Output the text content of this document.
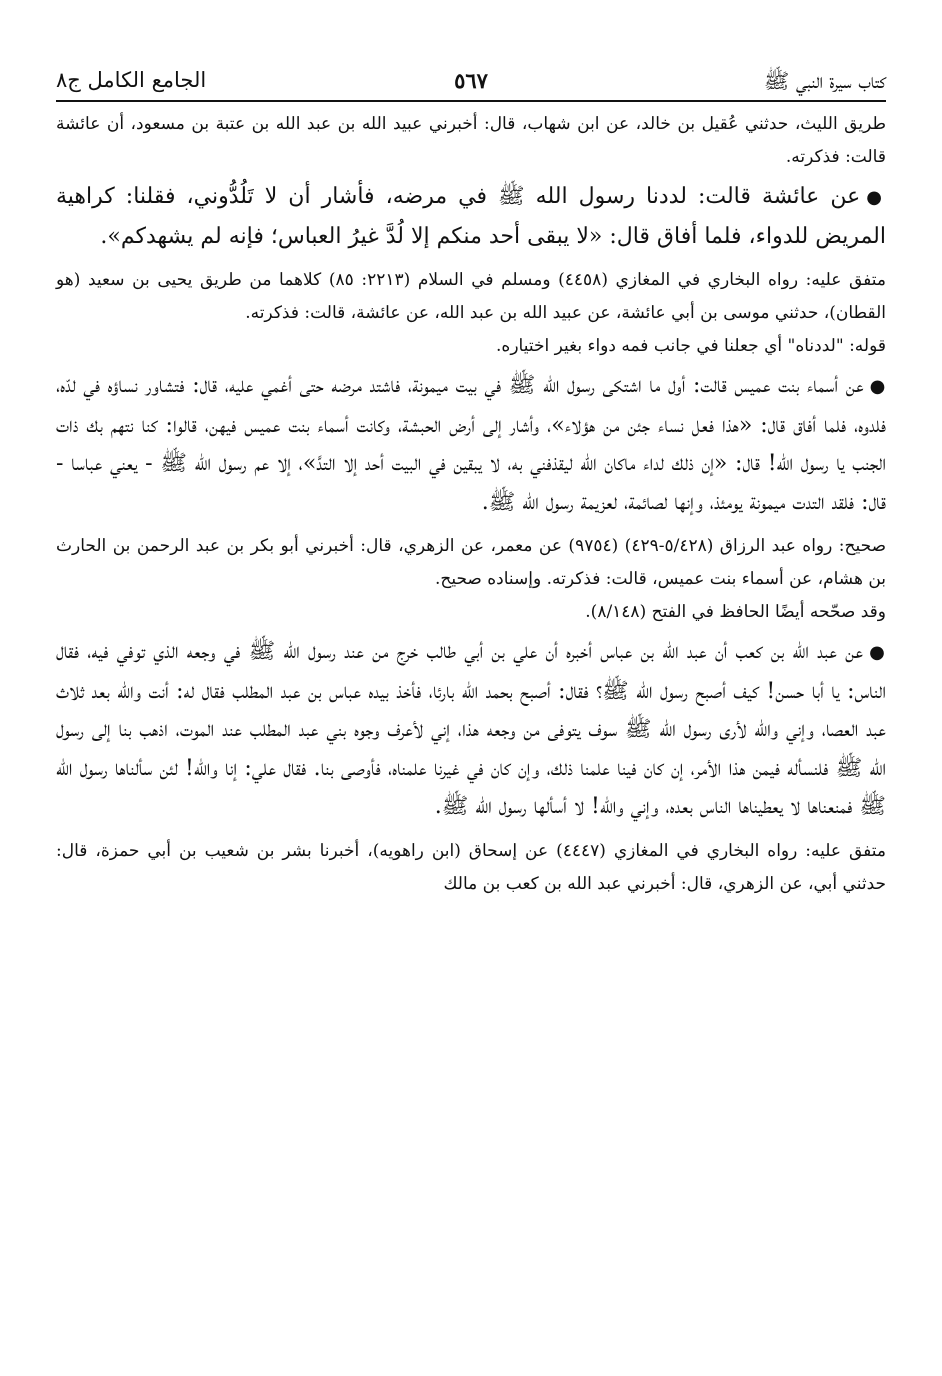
كتاب سيرة النبي ﷺ
٥٦٧
الجامع الكامل ج٨

طريق الليث، حدثني عُقيل بن خالد، عن ابن شهاب، قال: أخبرني عبيد الله بن عبد الله بن عتبة بن مسعود، أن عائشة قالت: فذكرته.

●عن عائشة قالت: لددنا رسول الله ﷺ في مرضه، فأشار أن لا تَلُدُّوني، فقلنا: كراهية المريض للدواء، فلما أفاق قال: «لا يبقى أحد منكم إلا لُدَّ غيرُ العباس؛ فإنه لم يشهدكم».

متفق عليه: رواه البخاري في المغازي (٤٤٥٨) ومسلم في السلام (٢٢١٣: ٨٥) كلاهما من طريق يحيى بن سعيد (هو القطان)، حدثني موسى بن أبي عائشة، عن عبيد الله بن عبد الله، عن عائشة، قالت: فذكرته.

قوله: "لددناه" أي جعلنا في جانب فمه دواء بغير اختياره.

●عن أسماء بنت عميس قالت: أول ما اشتكى رسول الله ﷺ في بيت ميمونة، فاشتد مرضه حتى أغمي عليه، قال: فتشاور نساؤه في لدّه، فلدوه، فلما أفاق قال: «هذا فعل نساء جئن من هؤلاء»، وأشار إلى أرض الحبشة، وكانت أسماء بنت عميس فيهن، قالوا: كنا نتهم بك ذات الجنب يا رسول الله! قال: «إن ذلك لداء ماكان الله ليقذفني به، لا يبقين في البيت أحد إلا التدَّ»، إلا عم رسول الله ﷺ - يعني عباسا - قال: فلقد التدت ميمونة يومئذ، وإنها لصائمة، لعزيمة رسول الله ﷺ.

صحيح: رواه عبد الرزاق (٥/٤٢٨-٤٢٩) (٩٧٥٤) عن معمر، عن الزهري، قال: أخبرني أبو بكر بن عبد الرحمن بن الحارث بن هشام، عن أسماء بنت عميس، قالت: فذكرته. وإسناده صحيح.

وقد صحّحه أيضًا الحافظ في الفتح (٨/١٤٨).

●عن عبد الله بن كعب أن عبد الله بن عباس أخبره أن علي بن أبي طالب خرج من عند رسول الله ﷺ في وجعه الذي توفي فيه، فقال الناس: يا أبا حسن! كيف أصبح رسول الله ﷺ؟ فقال: أصبح بحمد الله بارئا، فأخذ بيده عباس بن عبد المطلب فقال له: أنت والله بعد ثلاث عبد العصا، وإني والله لأرى رسول الله ﷺ سوف يتوفى من وجعه هذا، إني لأعرف وجوه بني عبد المطلب عند الموت، اذهب بنا إلى رسول الله ﷺ فلنسأله فيمن هذا الأمر، إن كان فينا علمنا ذلك، وإن كان في غيرنا علمناه، فأوصى بنا. فقال علي: إنا والله! لئن سألناها رسول الله ﷺ فمنعناها لا يعطيناها الناس بعده، وإني والله! لا أسألها رسول الله ﷺ.

متفق عليه: رواه البخاري في المغازي (٤٤٤٧) عن إسحاق (ابن راهويه)، أخبرنا بشر بن شعيب بن أبي حمزة، قال: حدثني أبي، عن الزهري، قال: أخبرني عبد الله بن كعب بن مالك
